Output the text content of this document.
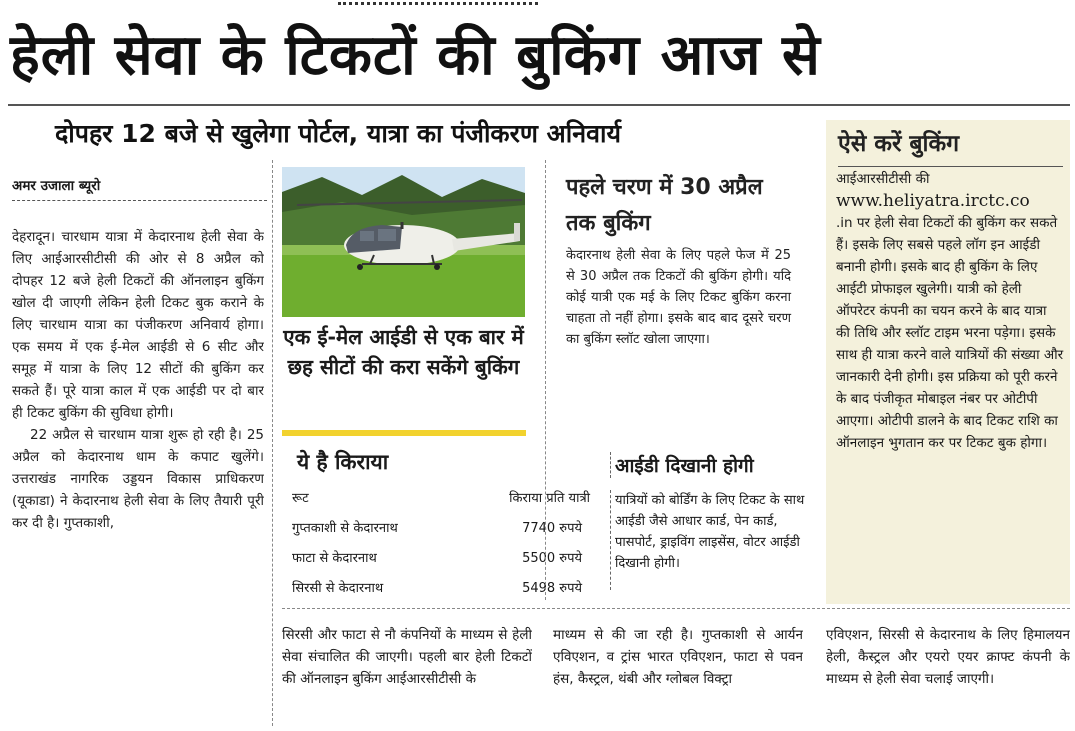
हेली सेवा के टिकटों की बुकिंग आज से
दोपहर 12 बजे से खुलेगा पोर्टल, यात्रा का पंजीकरण अनिवार्य
अमर उजाला ब्यूरो
देहरादून। चारधाम यात्रा में केदारनाथ हेली सेवा के लिए आईआरसीटीसी की ओर से 8 अप्रैल को दोपहर 12 बजे हेली टिकटों की ऑनलाइन बुकिंग खोल दी जाएगी लेकिन हेली टिकट बुक कराने के लिए चारधाम यात्रा का पंजीकरण अनिवार्य होगा। एक समय में एक ई-मेल आईडी से 6 सीट और समूह में यात्रा के लिए 12 सीटों की बुकिंग कर सकते हैं। पूरे यात्रा काल में एक आईडी पर दो बार ही टिकट बुकिंग की सुविधा होगी।
22 अप्रैल से चारधाम यात्रा शुरू हो रही है। 25 अप्रैल को केदारनाथ धाम के कपाट खुलेंगे। उत्तराखंड नागरिक उड्डयन विकास प्राधिकरण (यूकाडा) ने केदारनाथ हेली सेवा के लिए तैयारी पूरी कर दी है। गुप्तकाशी,
एक ई-मेल आईडी से एक बार में छह सीटों की करा सकेंगे बुकिंग
ये है किराया
रूट	किराया प्रति यात्री
गुप्तकाशी से केदारनाथ	7740 रुपये
फाटा से केदारनाथ	5500 रुपये
सिरसी से केदारनाथ	5498 रुपये
पहले चरण में 30 अप्रैल तक बुकिंग
केदारनाथ हेली सेवा के लिए पहले फेज में 25 से 30 अप्रैल तक टिकटों की बुकिंग होगी। यदि कोई यात्री एक मई के लिए टिकट बुकिंग करना चाहता तो नहीं होगा। इसके बाद बाद दूसरे चरण का बुकिंग स्लॉट खोला जाएगा।
आईडी दिखानी होगी
यात्रियों को बोर्डिंग के लिए टिकट के साथ आईडी जैसे आधार कार्ड, पेन कार्ड, पासपोर्ट, ड्राइविंग लाइसेंस, वोटर आईडी दिखानी होगी।
ऐसे करें बुकिंग
आईआरसीटीसी की
www.heliyatra.irctc.co
.in पर हेली सेवा टिकटों की बुकिंग कर सकते हैं। इसके लिए सबसे पहले लॉग इन आईडी बनानी होगी। इसके बाद ही बुकिंग के लिए आईटी प्रोफाइल खुलेगी। यात्री को हेली ऑपरेटर कंपनी का चयन करने के बाद यात्रा की तिथि और स्लॉट टाइम भरना पड़ेगा। इसके साथ ही यात्रा करने वाले यात्रियों की संख्या और जानकारी देनी होगी। इस प्रक्रिया को पूरी करने के बाद पंजीकृत मोबाइल नंबर पर ओटीपी आएगा। ओटीपी डालने के बाद टिकट राशि का ऑनलाइन भुगतान कर पर टिकट बुक होगा।
सिरसी और फाटा से नौ कंपनियों के माध्यम से हेली सेवा संचालित की जाएगी। पहली बार हेली टिकटों की ऑनलाइन बुकिंग आईआरसीटीसी के
माध्यम से की जा रही है। गुप्तकाशी से आर्यन एविएशन, व ट्रांस भारत एविएशन, फाटा से पवन हंस, कैस्ट्रल, थंबी और ग्लोबल विक्ट्रा
एविएशन, सिरसी से केदारनाथ के लिए हिमालयन हेली, कैस्ट्रल और एयरो एयर क्राफ्ट कंपनी के माध्यम से हेली सेवा चलाई जाएगी।
